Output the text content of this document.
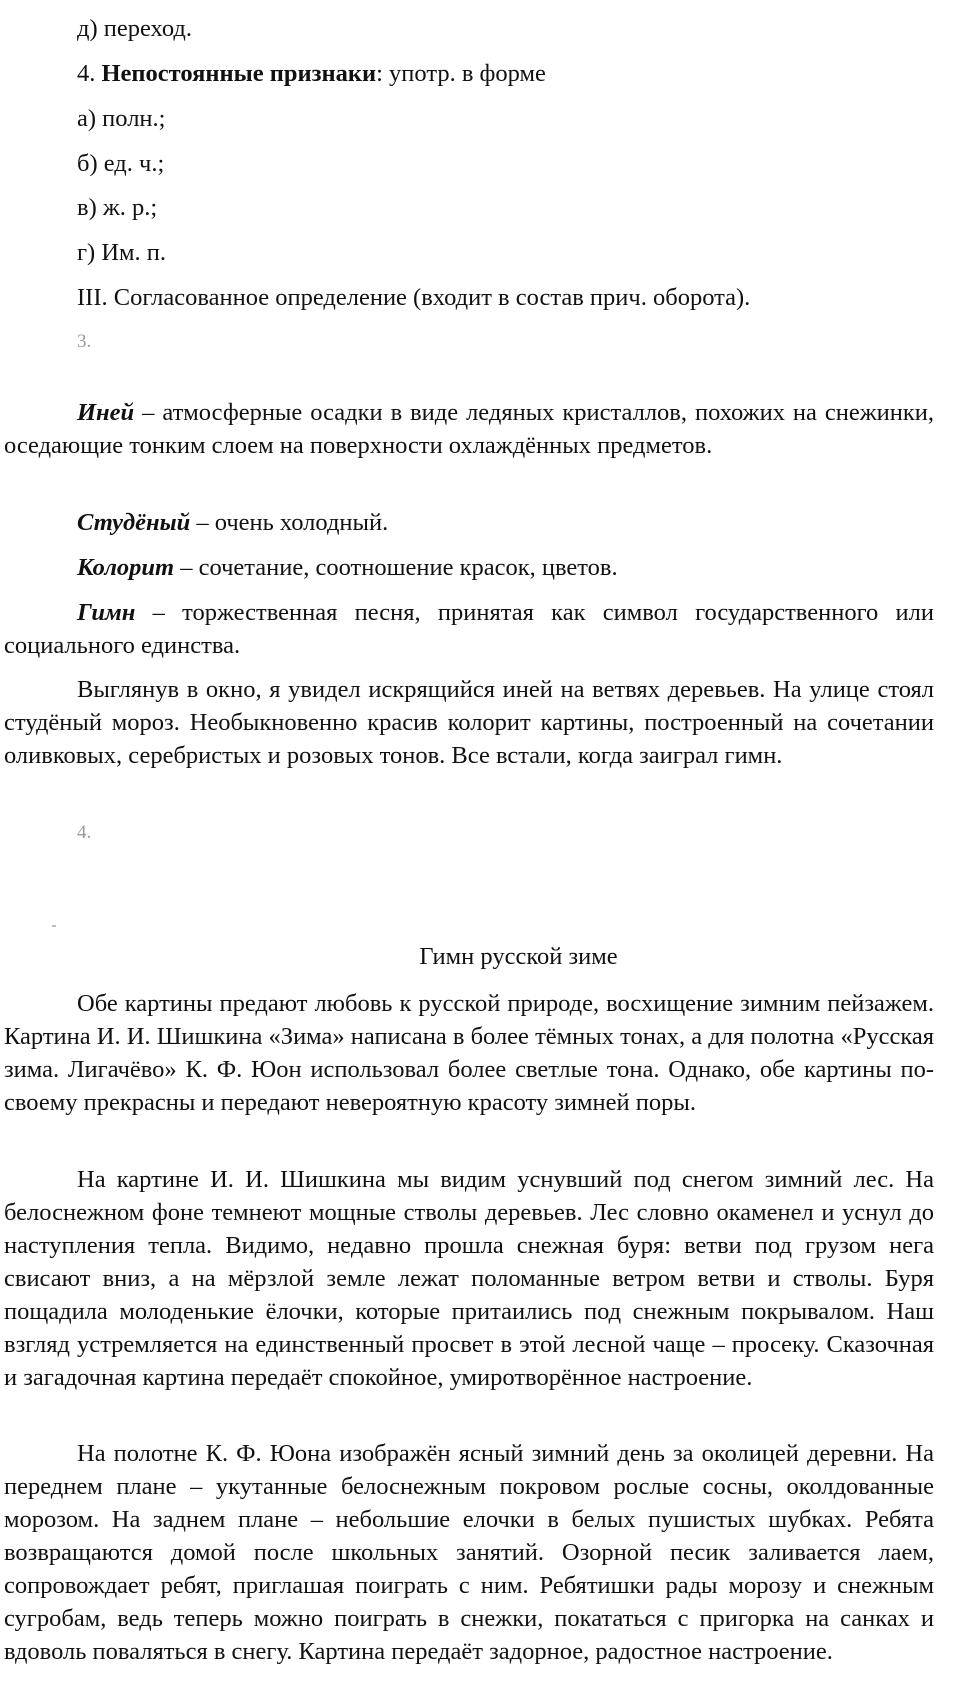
д) переход.
4. Непостоянные признаки: употр. в форме
а) полн.;
б) ед. ч.;
в) ж. р.;
г) Им. п.
III. Согласованное определение (входит в состав прич. оборота).
3.
Иней – атмосферные осадки в виде ледяных кристаллов, похожих на снежинки, оседающие тонким слоем на поверхности охлаждённых предметов.
Студёный – очень холодный.
Колорит – сочетание, соотношение красок, цветов.
Гимн – торжественная песня, принятая как символ государственного или социального единства.
Выглянув в окно, я увидел искрящийся иней на ветвях деревьев. На улице стоял студёный мороз. Необыкновенно красив колорит картины, построенный на сочетании оливковых, серебристых и розовых тонов. Все встали, когда заиграл гимн.
4.
Гимн русской зиме
Обе картины предают любовь к русской природе, восхищение зимним пейзажем. Картина И. И. Шишкина «Зима» написана в более тёмных тонах, а для полотна «Русская зима. Лигачёво» К. Ф. Юон использовал более светлые тона. Однако, обе картины по-своему прекрасны и передают невероятную красоту зимней поры.
На картине И. И. Шишкина мы видим уснувший под снегом зимний лес. На белоснежном фоне темнеют мощные стволы деревьев. Лес словно окаменел и уснул до наступления тепла. Видимо, недавно прошла снежная буря: ветви под грузом нега свисают вниз, а на мёрзлой земле лежат поломанные ветром ветви и стволы. Буря пощадила молоденькие ёлочки, которые притаились под снежным покрывалом. Наш взгляд устремляется на единственный просвет в этой лесной чаще – просеку. Сказочная и загадочная картина передаёт спокойное, умиротворённое настроение.
На полотне К. Ф. Юона изображён ясный зимний день за околицей деревни. На переднем плане – укутанные белоснежным покровом рослые сосны, околдованные морозом. На заднем плане – небольшие елочки в белых пушистых шубках. Ребята возвращаются домой после школьных занятий. Озорной песик заливается лаем, сопровождает ребят, приглашая поиграть с ним. Ребятишки рады морозу и снежным сугробам, ведь теперь можно поиграть в снежки, покататься с пригорка на санках и вдоволь поваляться в снегу. Картина передаёт задорное, радостное настроение.
